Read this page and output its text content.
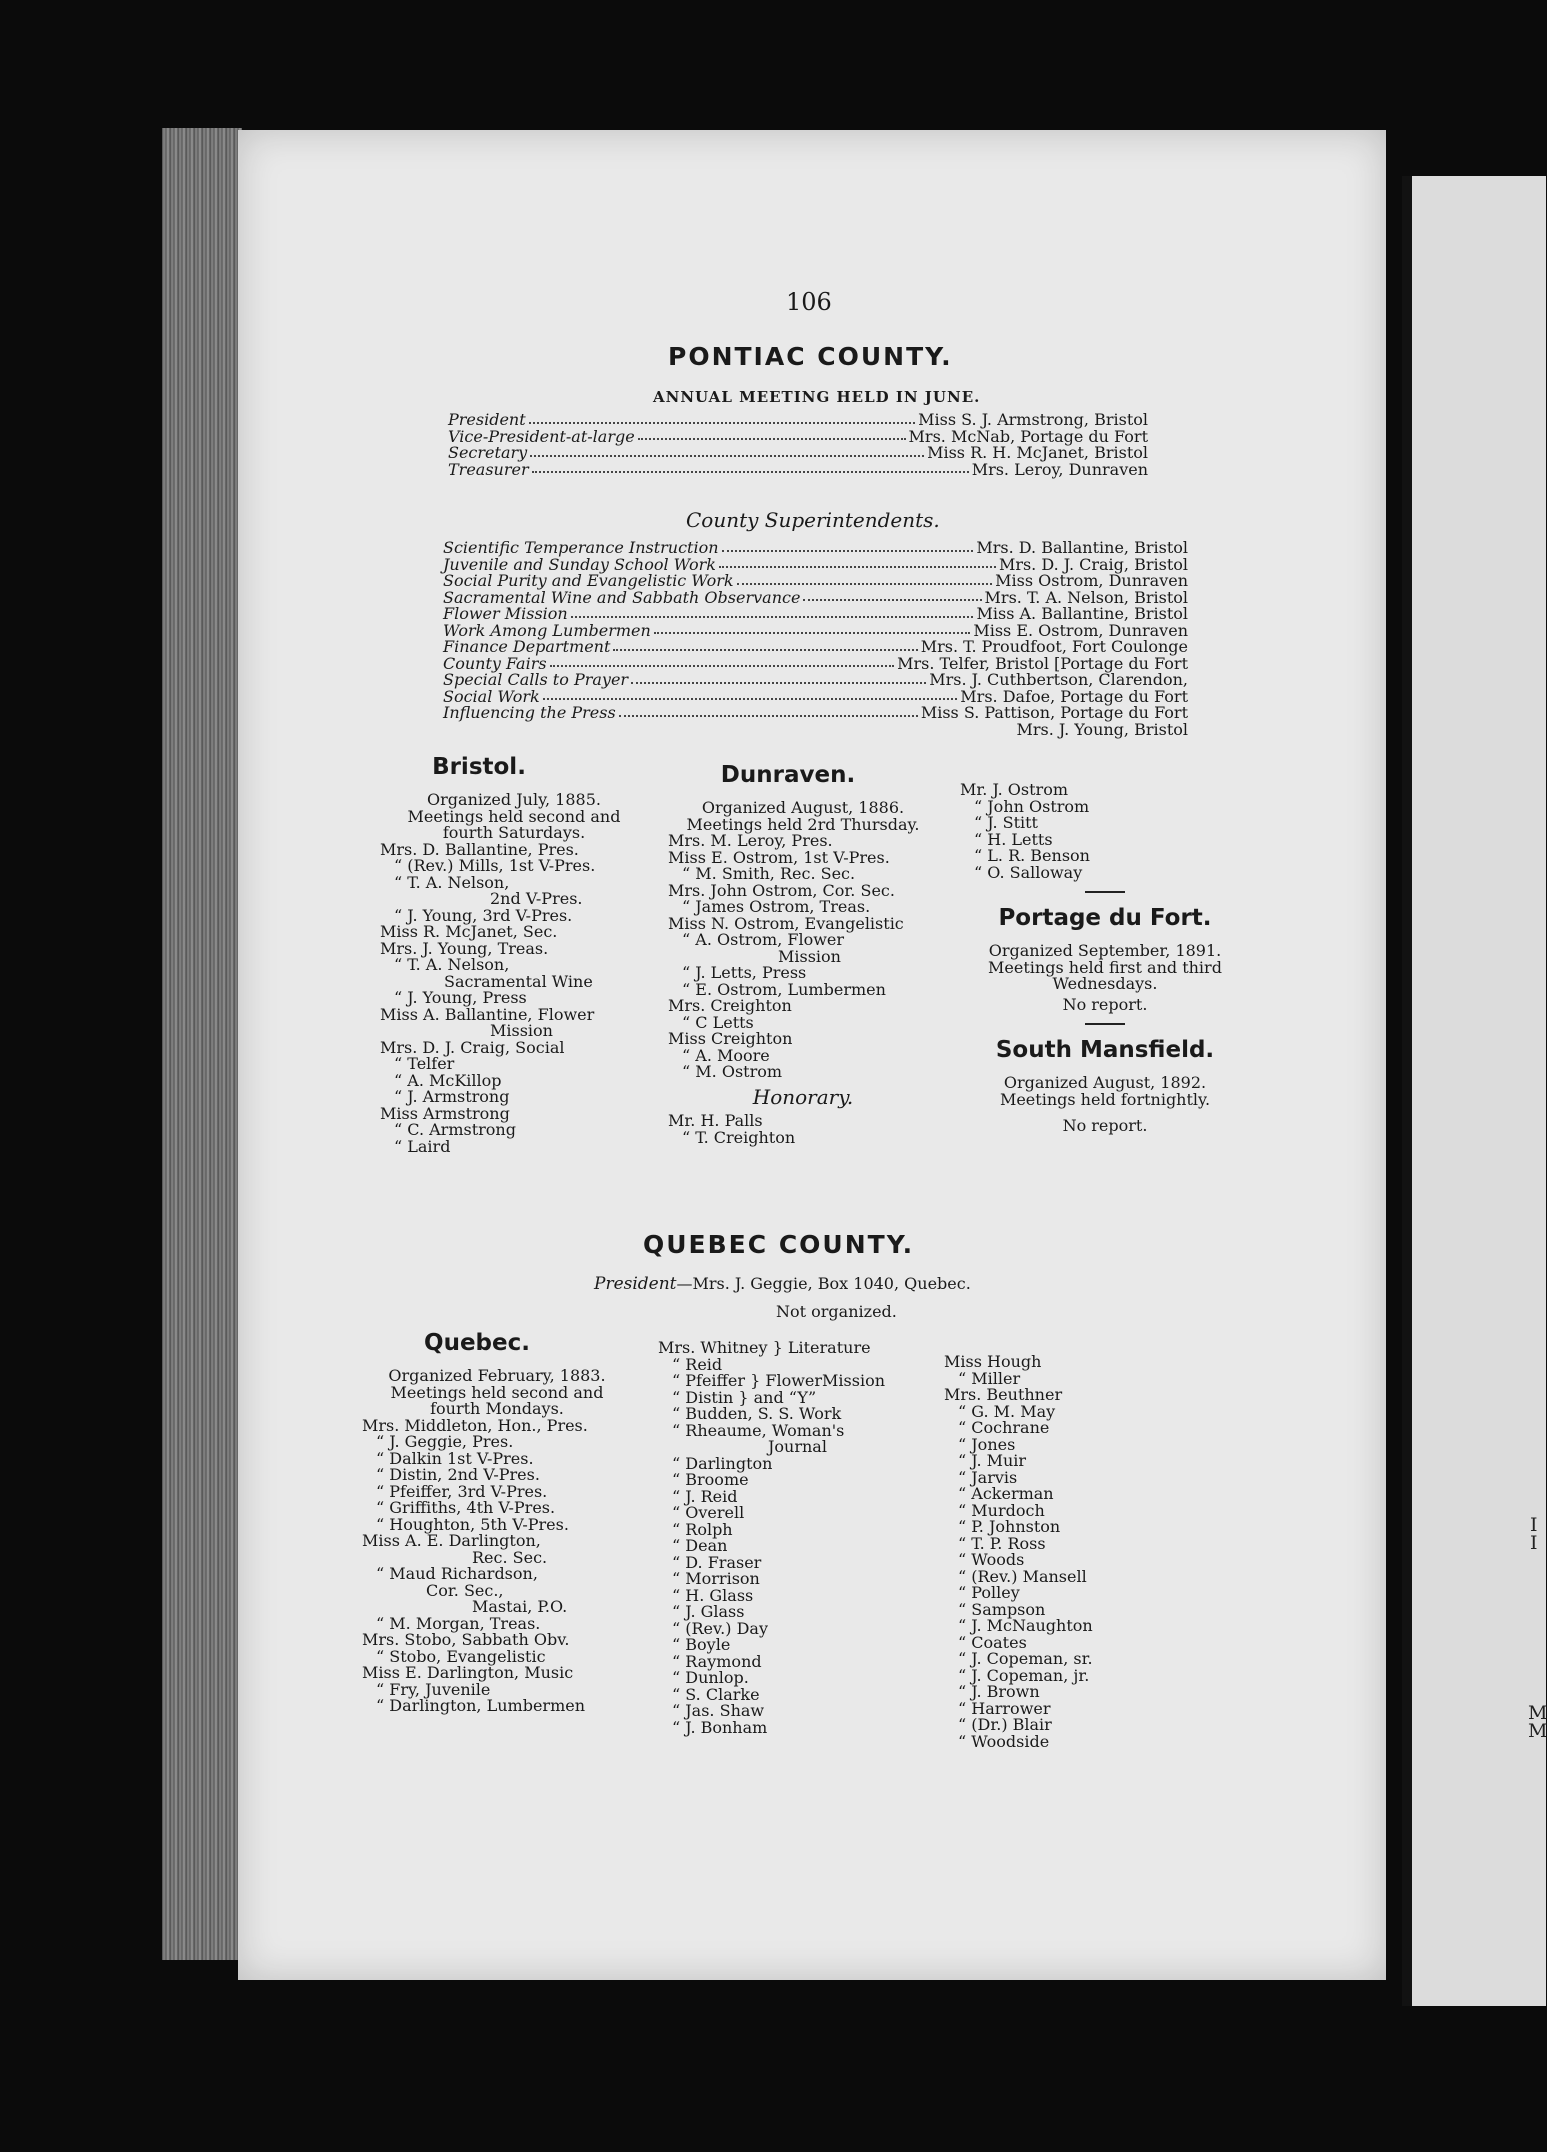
106
PONTIAC COUNTY.
ANNUAL MEETING HELD IN JUNE.
President	Miss S. J. Armstrong, Bristol
Vice-President-at-large	Mrs. McNab, Portage du Fort
Secretary	Miss R. H. McJanet, Bristol
Treasurer	Mrs. Leroy, Dunraven
County Superintendents.
Scientific Temperance Instruction	Mrs. D. Ballantine, Bristol
Juvenile and Sunday School Work	Mrs. D. J. Craig, Bristol
Social Purity and Evangelistic Work	Miss Ostrom, Dunraven
Sacramental Wine and Sabbath Observance	Mrs. T. A. Nelson, Bristol
Flower Mission	Miss A. Ballantine, Bristol
Work Among Lumbermen	Miss E. Ostrom, Dunraven
Finance Department	Mrs. T. Proudfoot, Fort Coulonge
County Fairs	Mrs. Telfer, Bristol [Portage du Fort
Special Calls to Prayer	Mrs. J. Cuthbertson, Clarendon,
Social Work	Mrs. Dafoe, Portage du Fort
Influencing the Press	Miss S. Pattison, Portage du Fort
Mrs. J. Young, Bristol
Bristol.
Organized July, 1885.
Meetings held second and
fourth Saturdays.
Mrs. D. Ballantine, Pres.
“ (Rev.) Mills, 1st V-Pres.
“ T. A. Nelson,
2nd V-Pres.
“ J. Young, 3rd V-Pres.
Miss R. McJanet, Sec.
Mrs. J. Young, Treas.
“ T. A. Nelson,
Sacramental Wine
“ J. Young, Press
Miss A. Ballantine, Flower
Mission
Mrs. D. J. Craig, Social
“ Telfer
“ A. McKillop
“ J. Armstrong
Miss Armstrong
“ C. Armstrong
“ Laird
Dunraven.
Organized August, 1886.
Meetings held 2rd Thursday.
Mrs. M. Leroy, Pres.
Miss E. Ostrom, 1st V-Pres.
“ M. Smith, Rec. Sec.
Mrs. John Ostrom, Cor. Sec.
“ James Ostrom, Treas.
Miss N. Ostrom, Evangelistic
“ A. Ostrom, Flower
Mission
“ J. Letts, Press
“ E. Ostrom, Lumbermen
Mrs. Creighton
“ C Letts
Miss Creighton
“ A. Moore
“ M. Ostrom
Honorary.
Mr. H. Palls
“ T. Creighton
Mr. J. Ostrom
“ John Ostrom
“ J. Stitt
“ H. Letts
“ L. R. Benson
“ O. Salloway
Portage du Fort.
Organized September, 1891.
Meetings held first and third
Wednesdays.
No report.
South Mansfield.
Organized August, 1892.
Meetings held fortnightly.
No report.
QUEBEC COUNTY.
President—Mrs. J. Geggie, Box 1040, Quebec.
Not organized.
Quebec.
Organized February, 1883.
Meetings held second and
fourth Mondays.
Mrs. Middleton, Hon., Pres.
“ J. Geggie, Pres.
“ Dalkin 1st V-Pres.
“ Distin, 2nd V-Pres.
“ Pfeiffer, 3rd V-Pres.
“ Griffiths, 4th V-Pres.
“ Houghton, 5th V-Pres.
Miss A. E. Darlington,
Rec. Sec.
“ Maud Richardson,
Cor. Sec.,
Mastai, P.O.
“ M. Morgan, Treas.
Mrs. Stobo, Sabbath Obv.
“ Stobo, Evangelistic
Miss E. Darlington, Music
“ Fry, Juvenile
“ Darlington, Lumbermen
Mrs. Whitney } Literature
“ Reid
“ Pfeiffer } FlowerMission
“ Distin } and “Y”
“ Budden, S. S. Work
“ Rheaume, Woman's
Journal
“ Darlington
“ Broome
“ J. Reid
“ Overell
“ Rolph
“ Dean
“ D. Fraser
“ Morrison
“ H. Glass
“ J. Glass
“ (Rev.) Day
“ Boyle
“ Raymond
“ Dunlop.
“ S. Clarke
“ Jas. Shaw
“ J. Bonham
Miss Hough
“ Miller
Mrs. Beuthner
“ G. M. May
“ Cochrane
“ Jones
“ J. Muir
“ Jarvis
“ Ackerman
“ Murdoch
“ P. Johnston
“ T. P. Ross
“ Woods
“ (Rev.) Mansell
“ Polley
“ Sampson
“ J. McNaughton
“ Coates
“ J. Copeman, sr.
“ J. Copeman, jr.
“ J. Brown
“ Harrower
“ (Dr.) Blair
“ Woodside
I
I
M
M
